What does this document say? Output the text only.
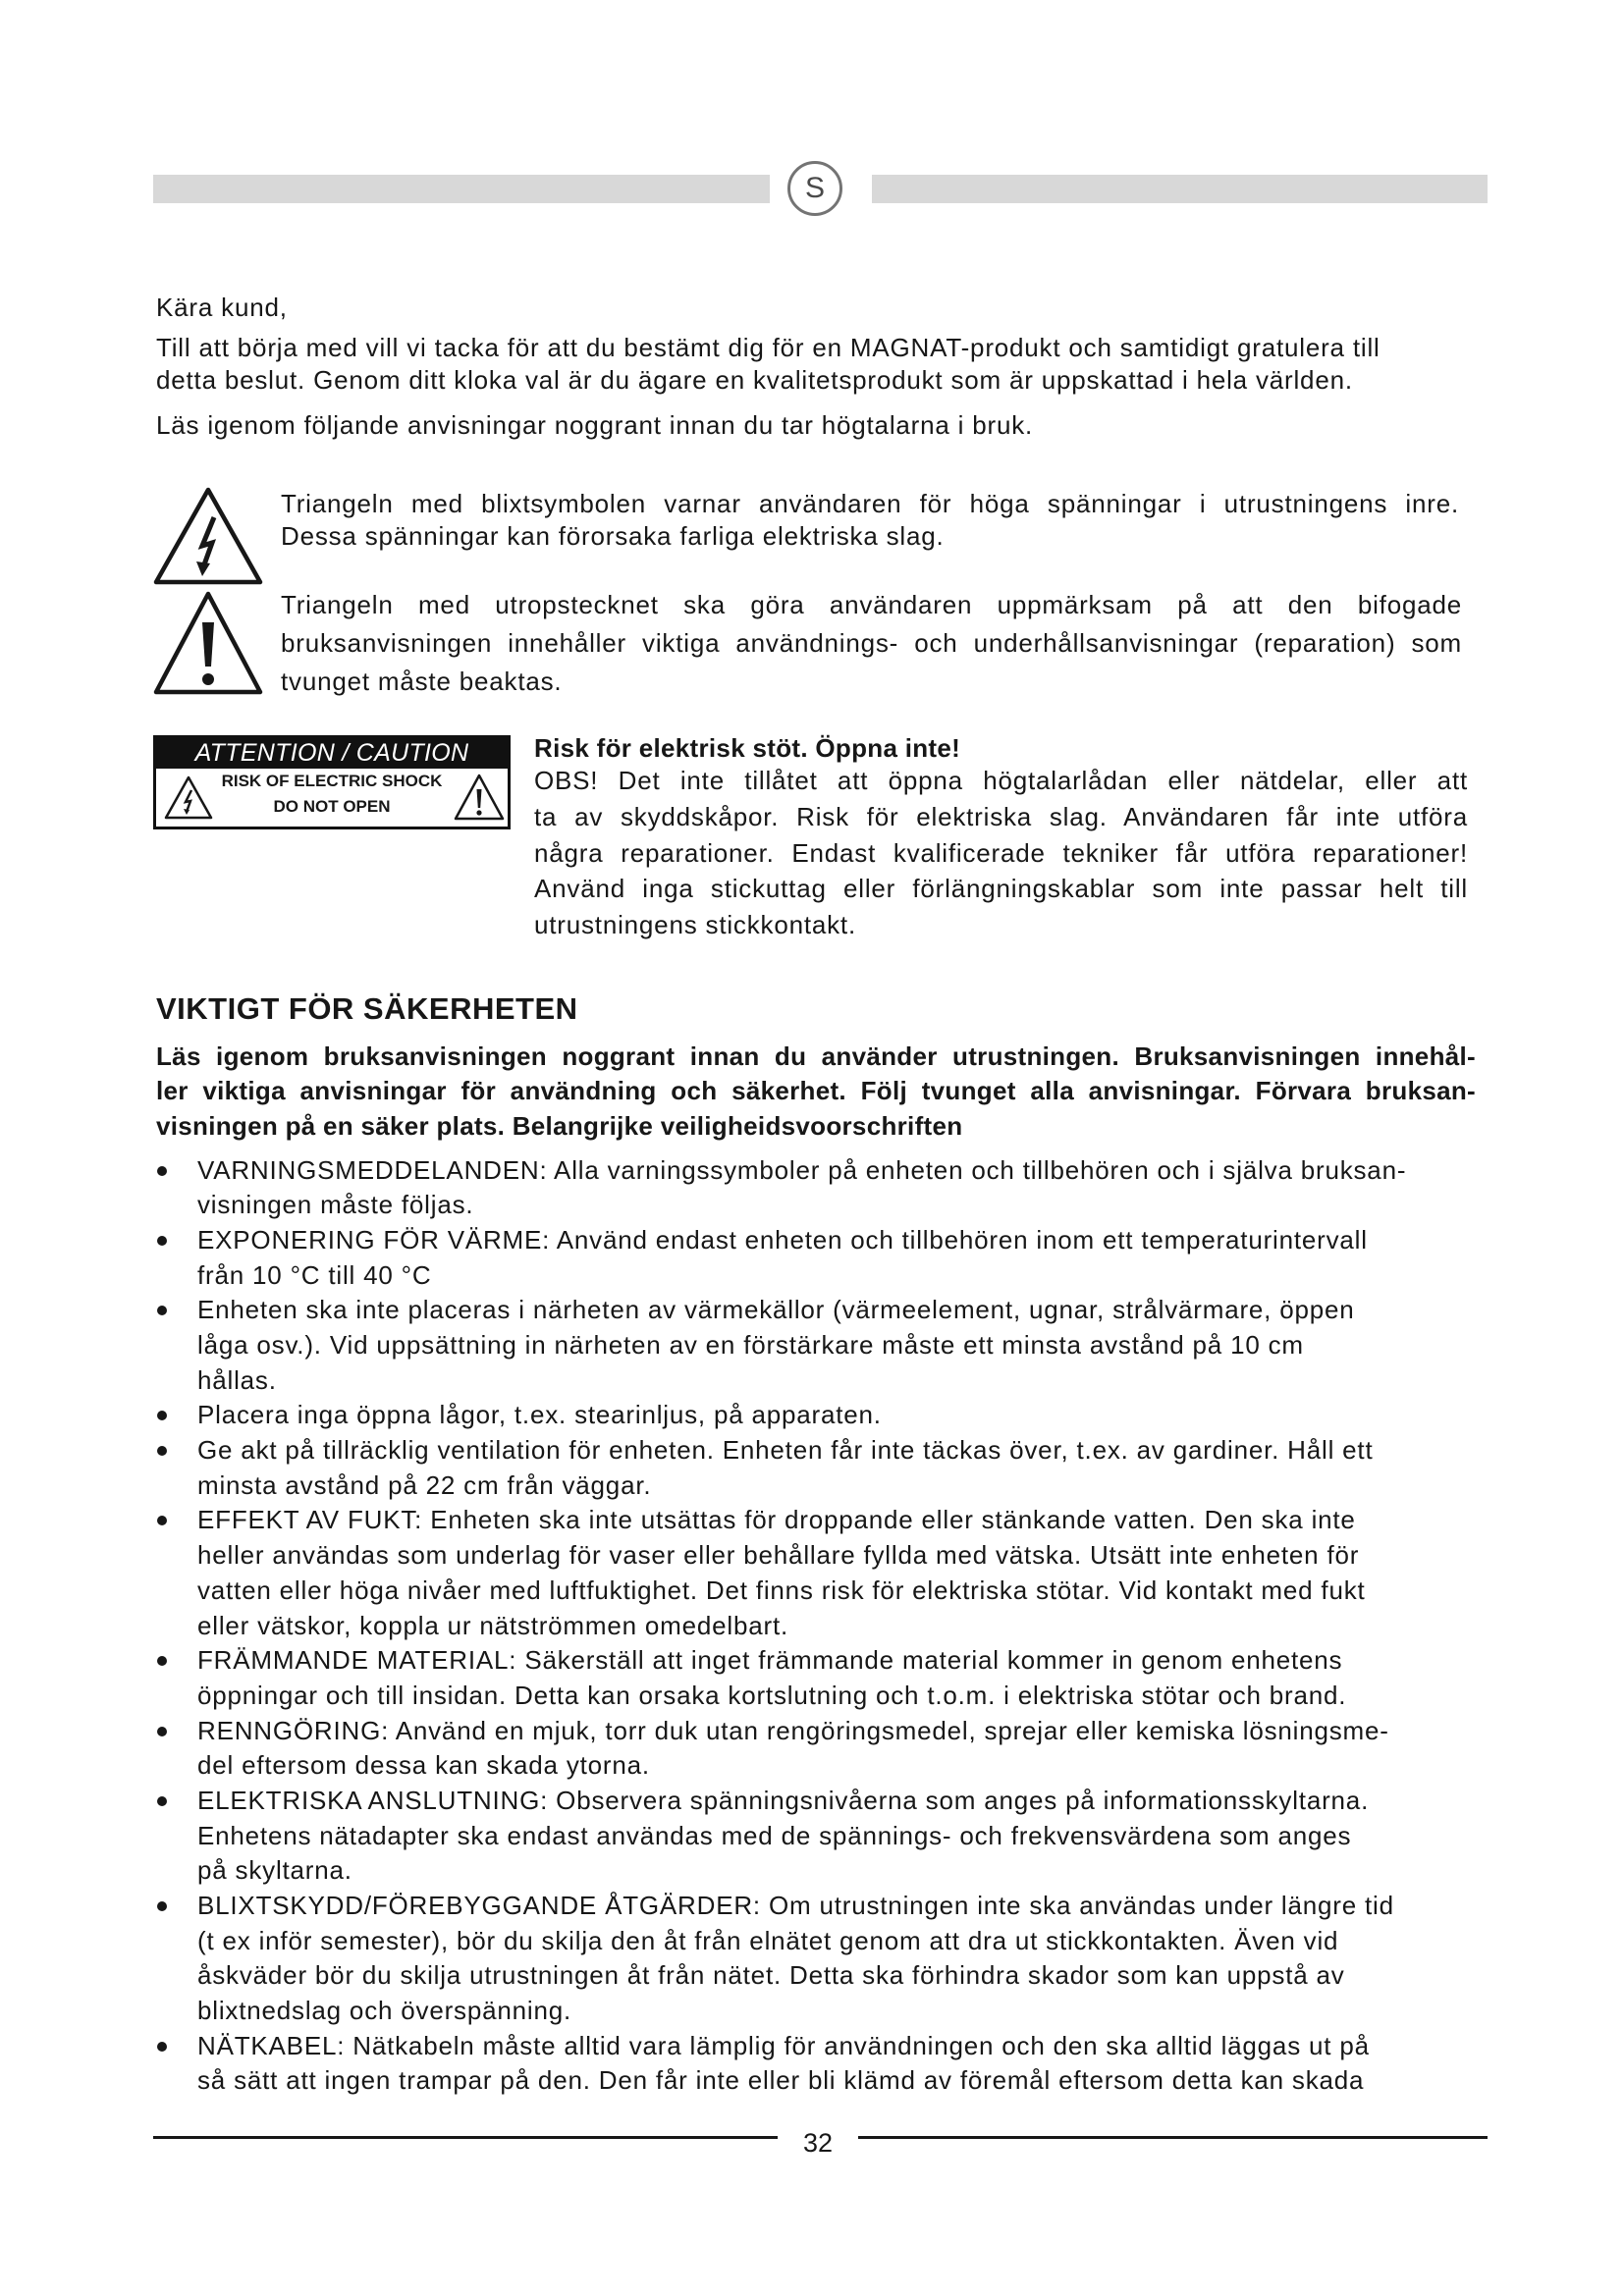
S
Kära kund,
Till att börja med vill vi tacka för att du bestämt dig för en MAGNAT-produkt och samtidigt gratulera till
detta beslut. Genom ditt kloka val är du ägare en kvalitetsprodukt som är uppskattad i hela världen.
Läs igenom följande anvisningar noggrant innan du tar högtalarna i bruk.
Triangeln med blixtsymbolen varnar användaren för höga spänningar i utrustningens inre.
Dessa spänningar kan förorsaka farliga elektriska slag.
Triangeln med utropstecknet ska göra användaren uppmärksam på att den bifogade
bruksanvisningen innehåller viktiga användnings- och underhållsanvisningar (reparation) som
tvunget måste beaktas.
ATTENTION / CAUTION
RISK OF ELECTRIC SHOCK
DO NOT OPEN
Risk för elektrisk stöt. Öppna inte!
OBS! Det inte tillåtet att öppna högtalarlådan eller nätdelar, eller att
ta av skyddskåpor. Risk för elektriska slag. Användaren får inte utföra
några reparationer. Endast kvalificerade tekniker får utföra reparationer!
Använd inga stickuttag eller förlängningskablar som inte passar helt till
utrustningens stickkontakt.
VIKTIGT FÖR SÄKERHETEN
Läs igenom bruksanvisningen noggrant innan du använder utrustningen. Bruksanvisningen innehål-
ler viktiga anvisningar för användning och säkerhet. Följ tvunget alla anvisningar. Förvara bruksan-
visningen på en säker plats. Belangrijke veiligheidsvoorschriften
VARNINGSMEDDELANDEN: Alla varningssymboler på enheten och tillbehören och i själva bruksan-
visningen måste följas.
EXPONERING FÖR VÄRME: Använd endast enheten och tillbehören inom ett temperaturintervall
från 10 °C till 40 °C
Enheten ska inte placeras i närheten av värmekällor (värmeelement, ugnar, strålvärmare, öppen
låga osv.). Vid uppsättning in närheten av en förstärkare måste ett minsta avstånd på 10 cm
hållas.
Placera inga öppna lågor, t.ex. stearinljus, på apparaten.
Ge akt på tillräcklig ventilation för enheten. Enheten får inte täckas över, t.ex. av gardiner. Håll ett
minsta avstånd på 22 cm från väggar.
EFFEKT AV FUKT: Enheten ska inte utsättas för droppande eller stänkande vatten. Den ska inte
heller användas som underlag för vaser eller behållare fyllda med vätska. Utsätt inte enheten för
vatten eller höga nivåer med luftfuktighet. Det finns risk för elektriska stötar. Vid kontakt med fukt
eller vätskor, koppla ur nätströmmen omedelbart.
FRÄMMANDE MATERIAL: Säkerställ att inget främmande material kommer in genom enhetens
öppningar och till insidan. Detta kan orsaka kortslutning och t.o.m. i elektriska stötar och brand.
RENNGÖRING: Använd en mjuk, torr duk utan rengöringsmedel, sprejar eller kemiska lösningsme-
del eftersom dessa kan skada ytorna.
ELEKTRISKA ANSLUTNING: Observera spänningsnivåerna som anges på informationsskyltarna.
Enhetens nätadapter ska endast användas med de spännings- och frekvensvärdena som anges
på skyltarna.
BLIXTSKYDD/FÖREBYGGANDE ÅTGÄRDER: Om utrustningen inte ska användas under längre tid
(t ex inför semester), bör du skilja den åt från elnätet genom att dra ut stickkontakten. Även vid
åskväder bör du skilja utrustningen åt från nätet. Detta ska förhindra skador som kan uppstå av
blixtnedslag och överspänning.
NÄTKABEL: Nätkabeln måste alltid vara lämplig för användningen och den ska alltid läggas ut på
så sätt att ingen trampar på den. Den får inte eller bli klämd av föremål eftersom detta kan skada
32
